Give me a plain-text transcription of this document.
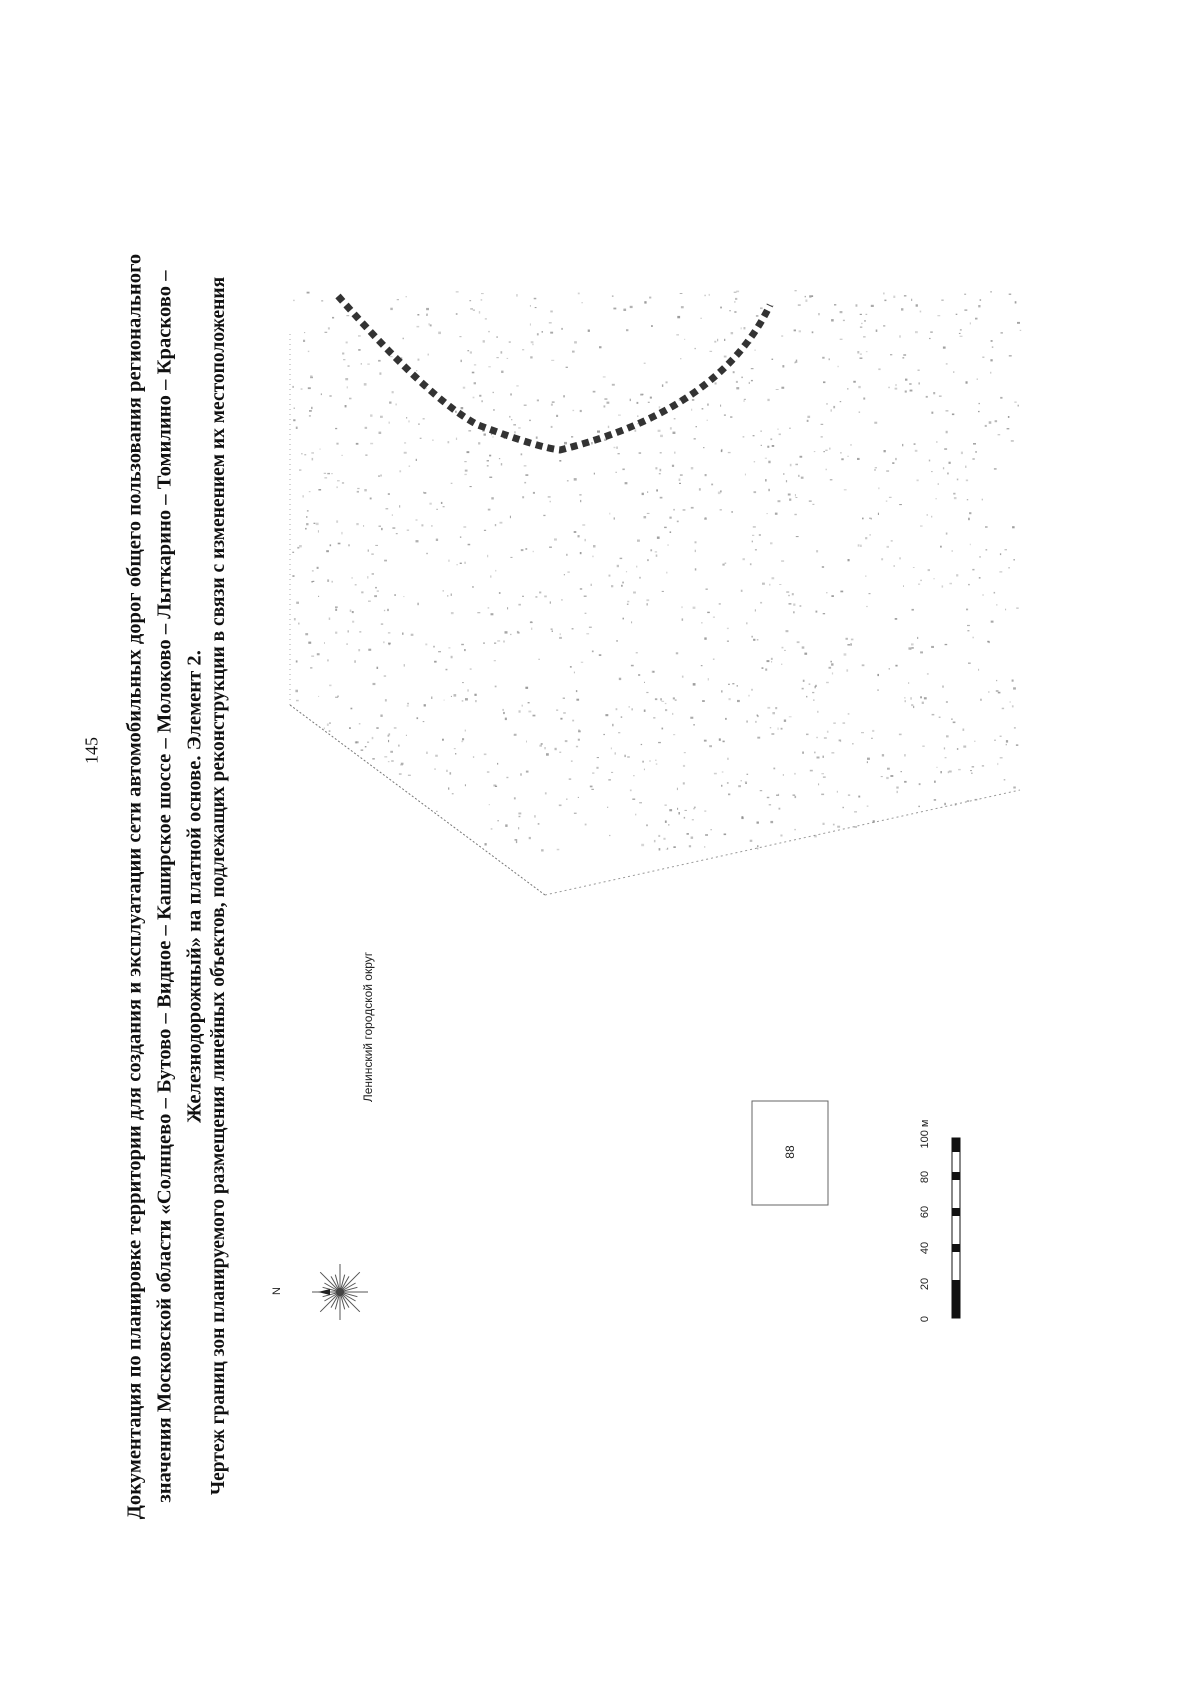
145 Документация по планировке территории для создания и эксплуатации сети автомобильных дорог общего пользования регионального значения Московской области «Солнцево – Бутово – Видное – Каширское шоссе – Молоково – Лыткарино – Томилино – Красково – Железнодорожный» на платной основе. Элемент 2. Чертеж границ зон планируемого размещения линейных объектов, подлежащих реконструкции в связи с изменением их местоположения	Ленинский городской округ
88
N
0
20
40
60
80
100 м
